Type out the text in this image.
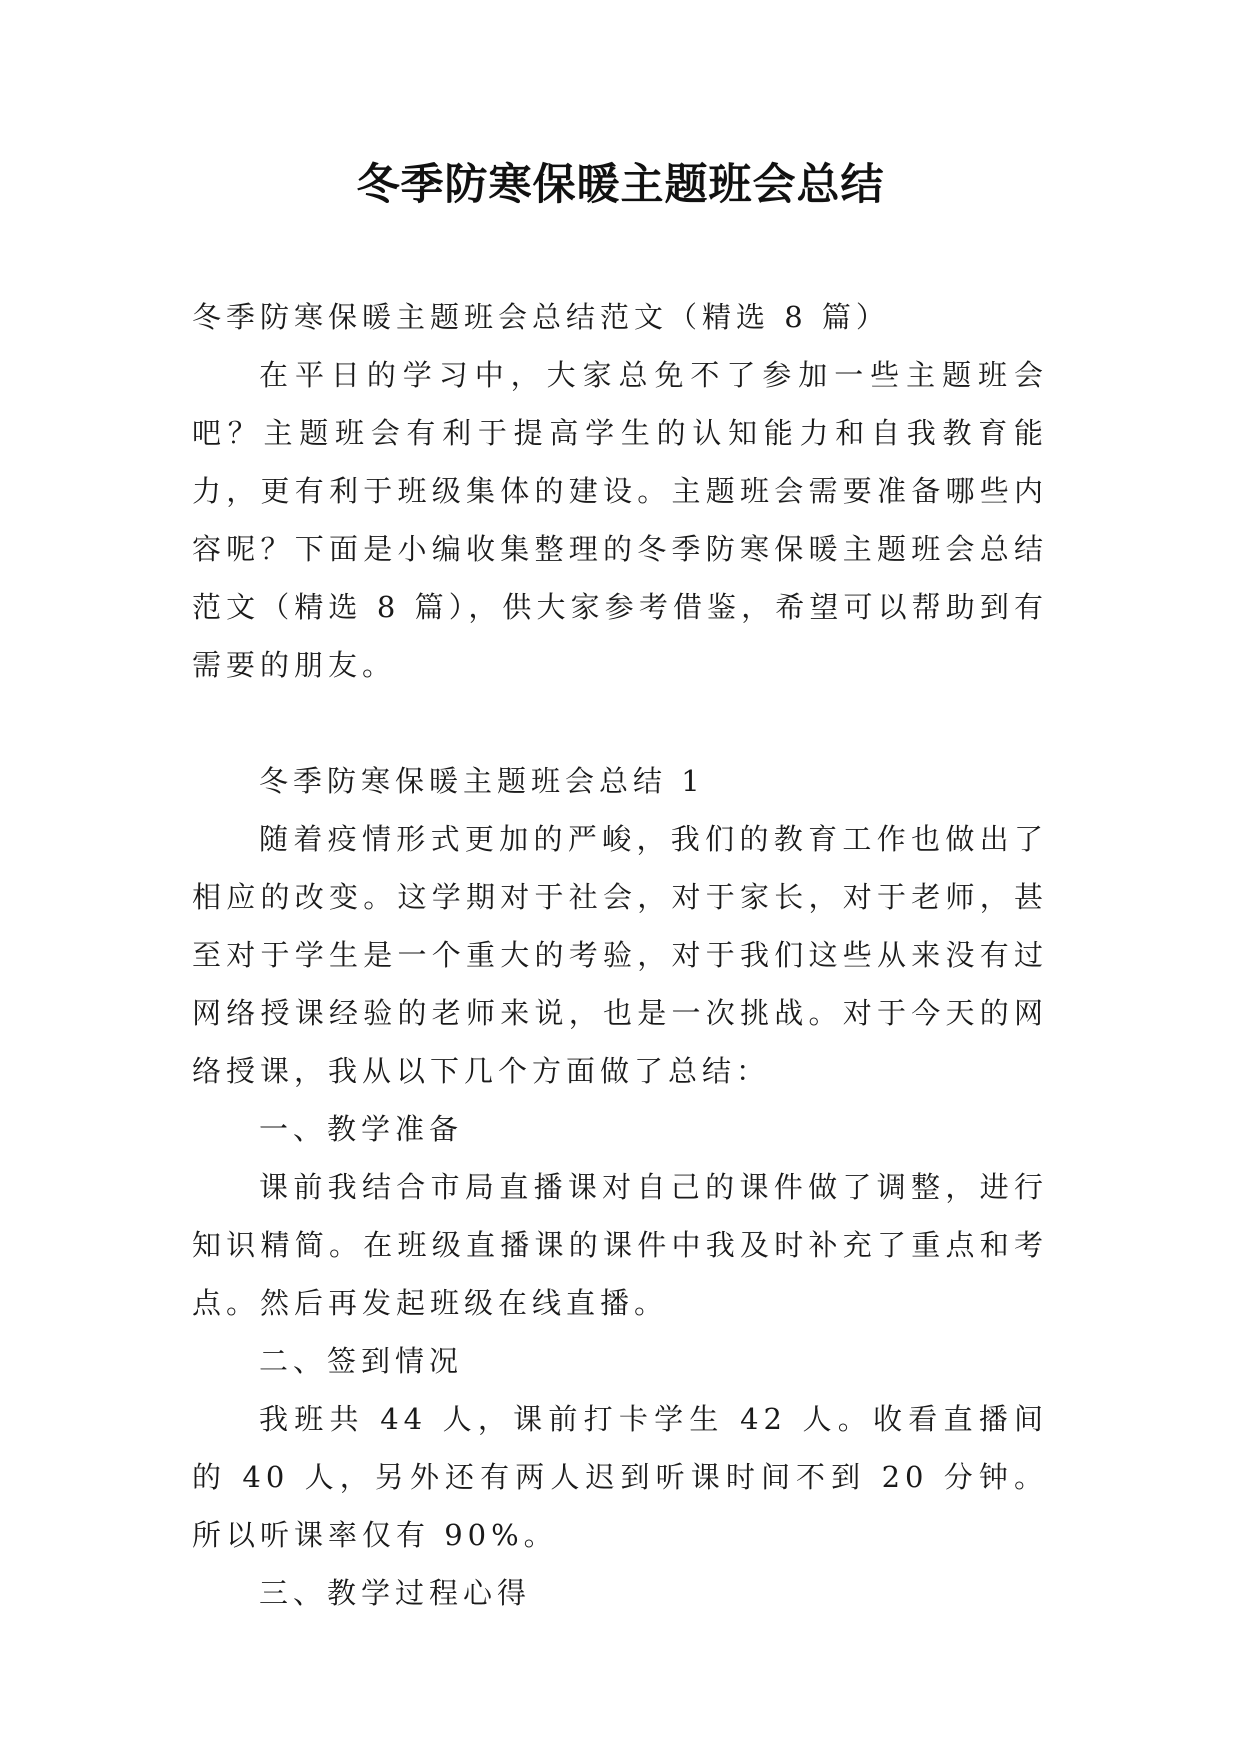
冬季防寒保暖主题班会总结

冬季防寒保暖主题班会总结范文（精选 8 篇）

在平日的学习中，大家总免不了参加一些主题班会吧？主题班会有利于提高学生的认知能力和自我教育能力，更有利于班级集体的建设。主题班会需要准备哪些内容呢？下面是小编收集整理的冬季防寒保暖主题班会总结范文（精选 8 篇），供大家参考借鉴，希望可以帮助到有需要的朋友。

冬季防寒保暖主题班会总结 1

随着疫情形式更加的严峻，我们的教育工作也做出了相应的改变。这学期对于社会，对于家长，对于老师，甚至对于学生是一个重大的考验，对于我们这些从来没有过网络授课经验的老师来说，也是一次挑战。对于今天的网络授课，我从以下几个方面做了总结：

一、教学准备

课前我结合市局直播课对自己的课件做了调整，进行知识精简。在班级直播课的课件中我及时补充了重点和考点。然后再发起班级在线直播。

二、签到情况

我班共 44 人，课前打卡学生 42 人。收看直播间的 40 人，另外还有两人迟到听课时间不到 20 分钟。所以听课率仅有 90%。

三、教学过程心得
